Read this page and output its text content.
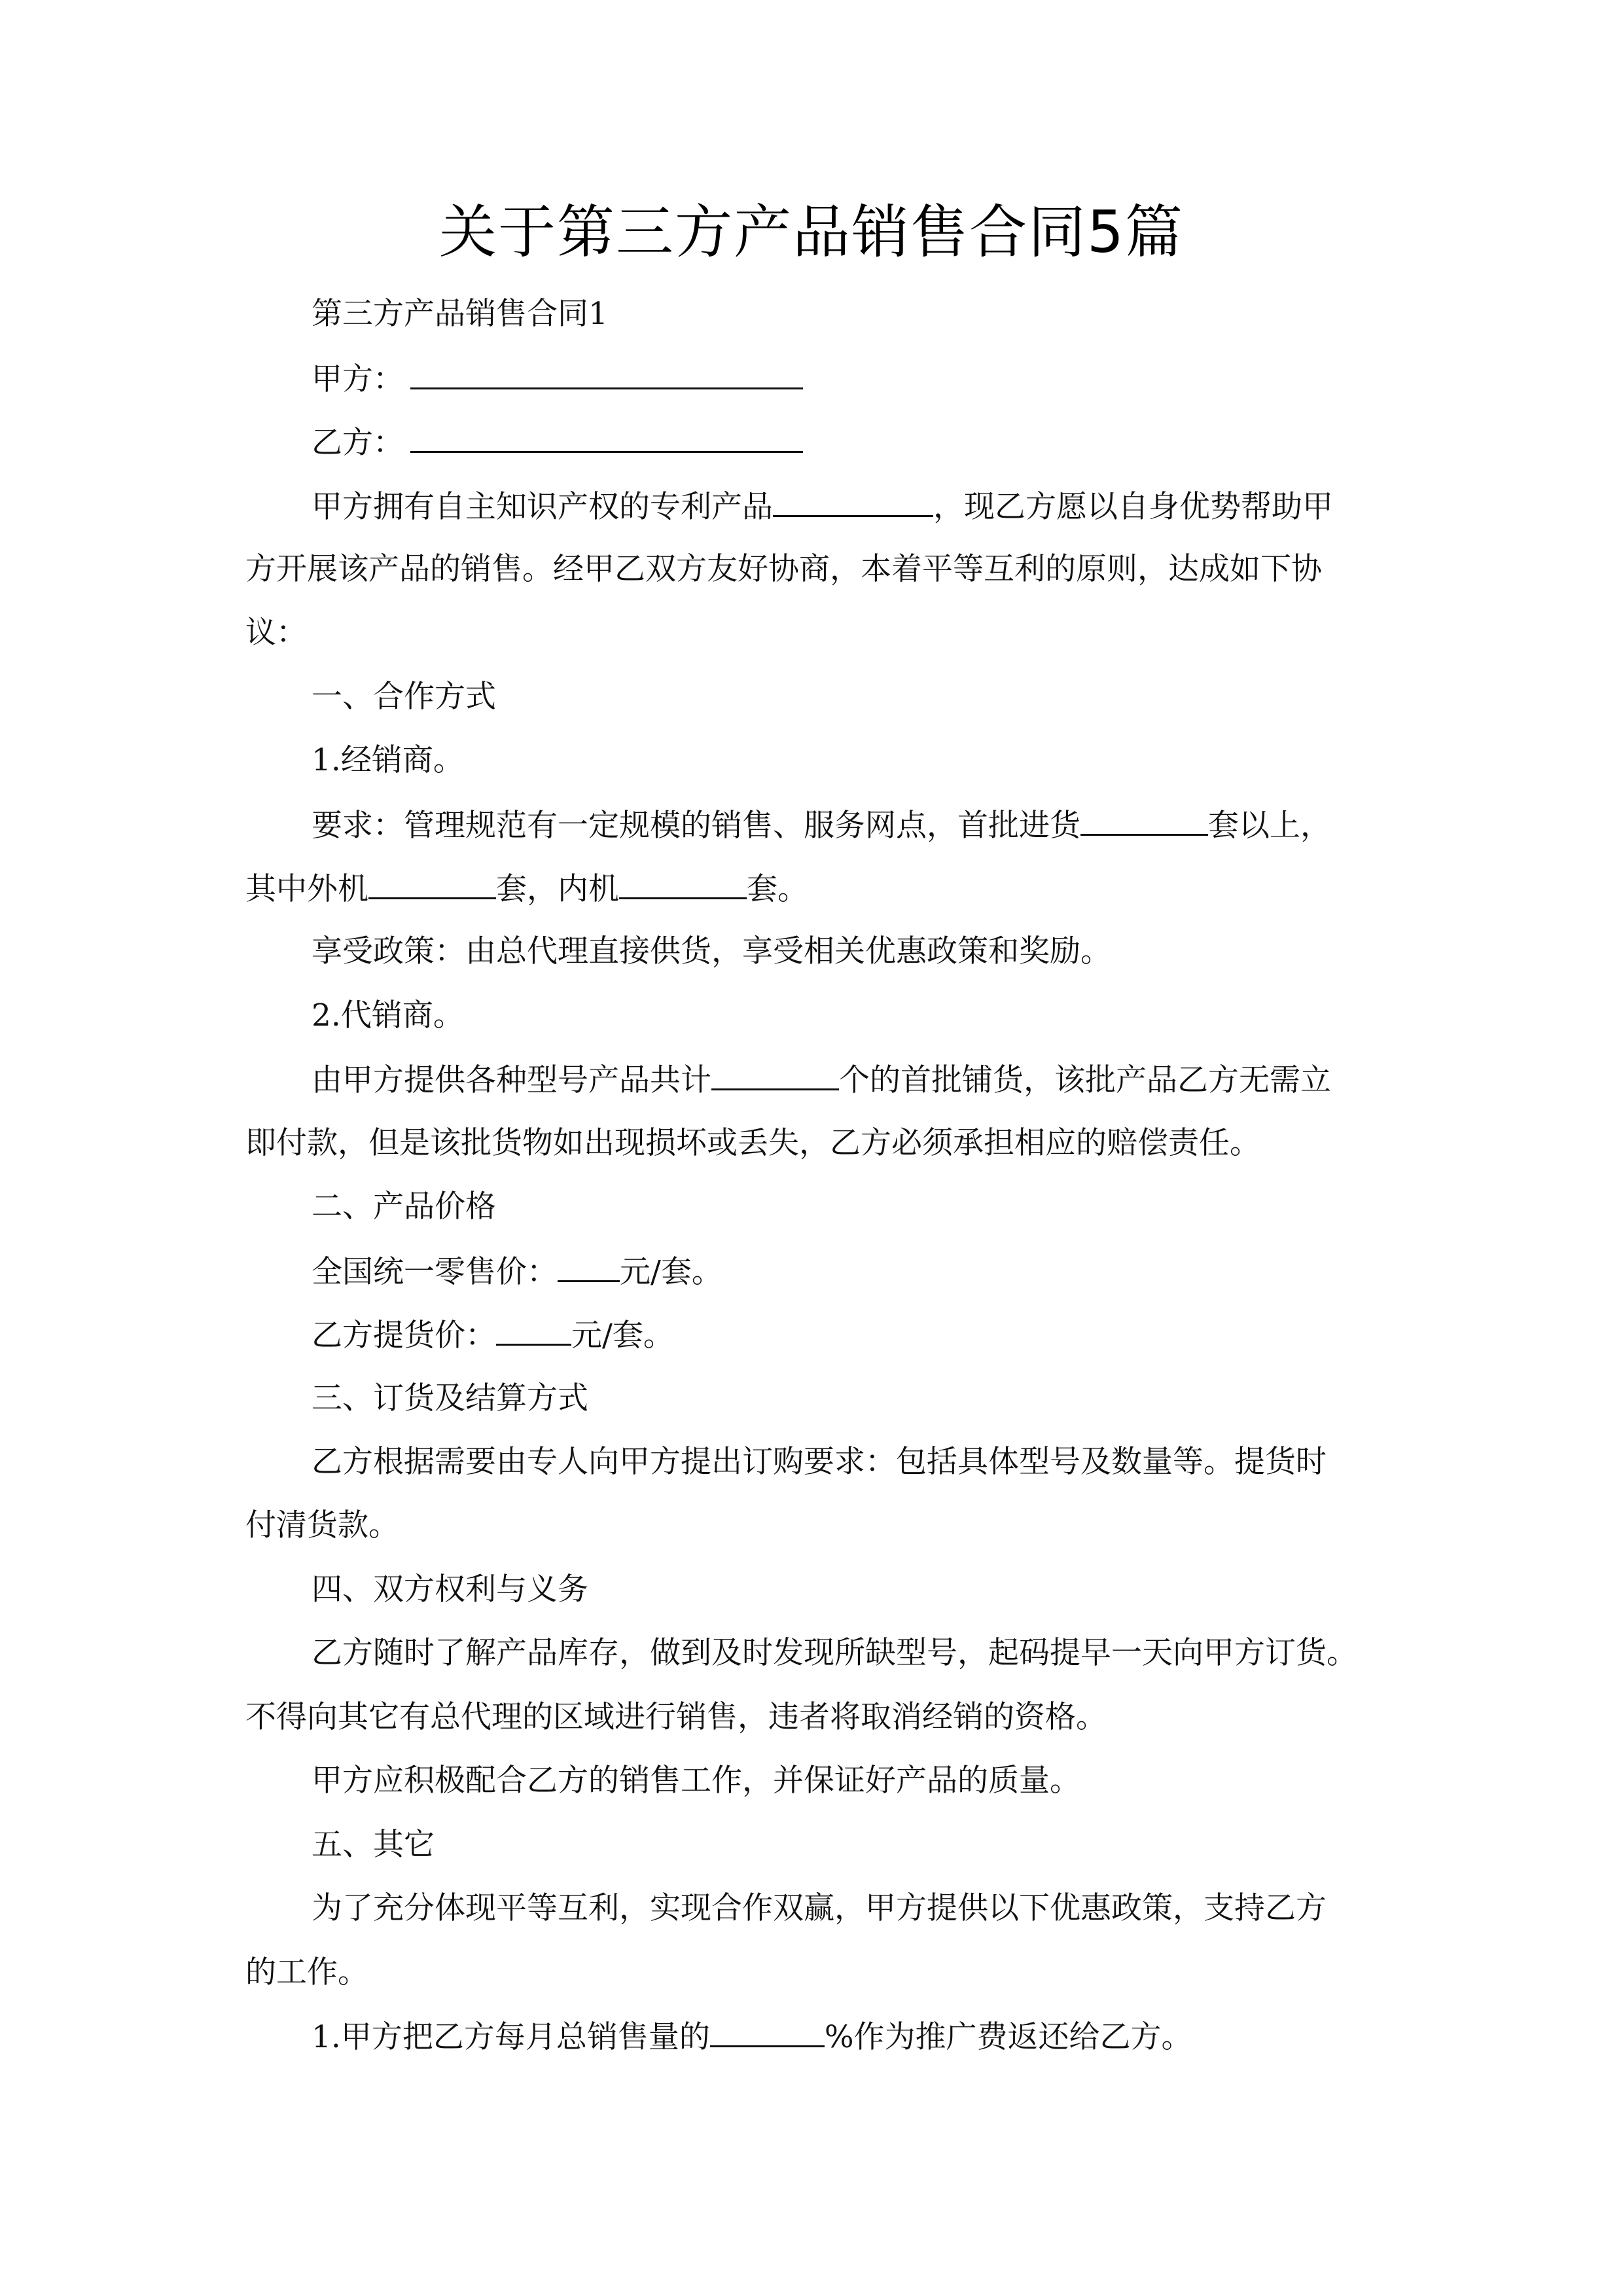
关于第三方产品销售合同5篇
第三方产品销售合同1
甲方：
乙方：
甲方拥有自主知识产权的专利产品	，现乙方愿以自身优势帮助甲
方开展该产品的销售。经甲乙双方友好协商，本着平等互利的原则，达成如下协
议：
一、合作方式
1.经销商。
要求：管理规范有一定规模的销售、服务网点，首批进货	套以上，
其中外机	套，内机	套。
享受政策：由总代理直接供货，享受相关优惠政策和奖励。
2.代销商。
由甲方提供各种型号产品共计	个的首批铺货，该批产品乙方无需立
即付款，但是该批货物如出现损坏或丢失，乙方必须承担相应的赔偿责任。
二、产品价格
全国统一零售价： 元/套。
乙方提货价： 元/套。
三、订货及结算方式
乙方根据需要由专人向甲方提出订购要求：包括具体型号及数量等。提货时
付清货款。
四、双方权利与义务
乙方随时了解产品库存，做到及时发现所缺型号，起码提早一天向甲方订货。
不得向其它有总代理的区域进行销售，违者将取消经销的资格。
甲方应积极配合乙方的销售工作，并保证好产品的质量。
五、其它
为了充分体现平等互利，实现合作双赢，甲方提供以下优惠政策，支持乙方
的工作。
1.甲方把乙方每月总销售量的	%作为推广费返还给乙方。
